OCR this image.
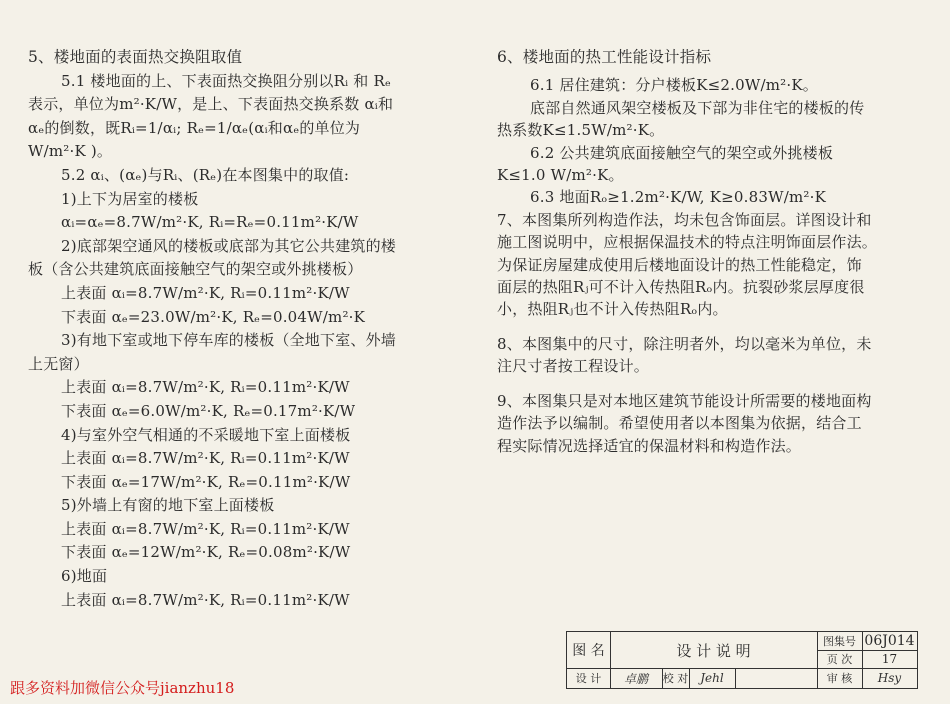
5、楼地面的表面热交换阻取值
5.1 楼地面的上、下表面热交换阻分别以Rᵢ 和 Rₑ
表示，单位为m²·K/W，是上、下表面热交换系数 αᵢ和
αₑ的倒数，既Rᵢ=1/αᵢ; Rₑ=1/αₑ(αᵢ和αₑ的单位为
W/m²·K )。
5.2 αᵢ、(αₑ)与Rᵢ、(Rₑ)在本图集中的取值:
1)上下为居室的楼板
αᵢ=αₑ=8.7W/m²·K, Rᵢ=Rₑ=0.11m²·K/W
2)底部架空通风的楼板或底部为其它公共建筑的楼
板（含公共建筑底面接触空气的架空或外挑楼板）
上表面 αᵢ=8.7W/m²·K, Rᵢ=0.11m²·K/W
下表面 αₑ=23.0W/m²·K, Rₑ=0.04W/m²·K
3)有地下室或地下停车库的楼板（全地下室、外墙
上无窗）
上表面 αᵢ=8.7W/m²·K, Rᵢ=0.11m²·K/W
下表面 αₑ=6.0W/m²·K, Rₑ=0.17m²·K/W
4)与室外空气相通的不采暖地下室上面楼板
上表面 αᵢ=8.7W/m²·K, Rᵢ=0.11m²·K/W
下表面 αₑ=17W/m²·K, Rₑ=0.11m²·K/W
5)外墙上有窗的地下室上面楼板
上表面 αᵢ=8.7W/m²·K, Rᵢ=0.11m²·K/W
下表面 αₑ=12W/m²·K, Rₑ=0.08m²·K/W
6)地面
上表面 αᵢ=8.7W/m²·K, Rᵢ=0.11m²·K/W
6、楼地面的热工性能设计指标
6.1 居住建筑：分户楼板K≤2.0W/m²·K。
底部自然通风架空楼板及下部为非住宅的楼板的传
热系数K≤1.5W/m²·K。
6.2 公共建筑底面接触空气的架空或外挑楼板
K≤1.0 W/m²·K。
6.3 地面Rₒ≥1.2m²·K/W, K≥0.83W/m²·K
7、本图集所列构造作法，均未包含饰面层。详图设计和
施工图说明中，应根据保温技术的特点注明饰面层作法。
为保证房屋建成使用后楼地面设计的热工性能稳定，饰
面层的热阻Rⱼ可不计入传热阻Rₒ内。抗裂砂浆层厚度很
小，热阻Rⱼ也不计入传热阻Rₒ内。
8、本图集中的尺寸，除注明者外，均以毫米为单位，未
注尺寸者按工程设计。
9、本图集只是对本地区建筑节能设计所需要的楼地面构
造作法予以编制。希望使用者以本图集为依据，结合工
程实际情况选择适宜的保温材料和构造作法。
图 名	设 计 说 明	图集号 06J014
页 次	17
设 计	卓鹏	校 对	Jehl	审 核	Hsy
跟多资料加微信公众号jianzhu18
